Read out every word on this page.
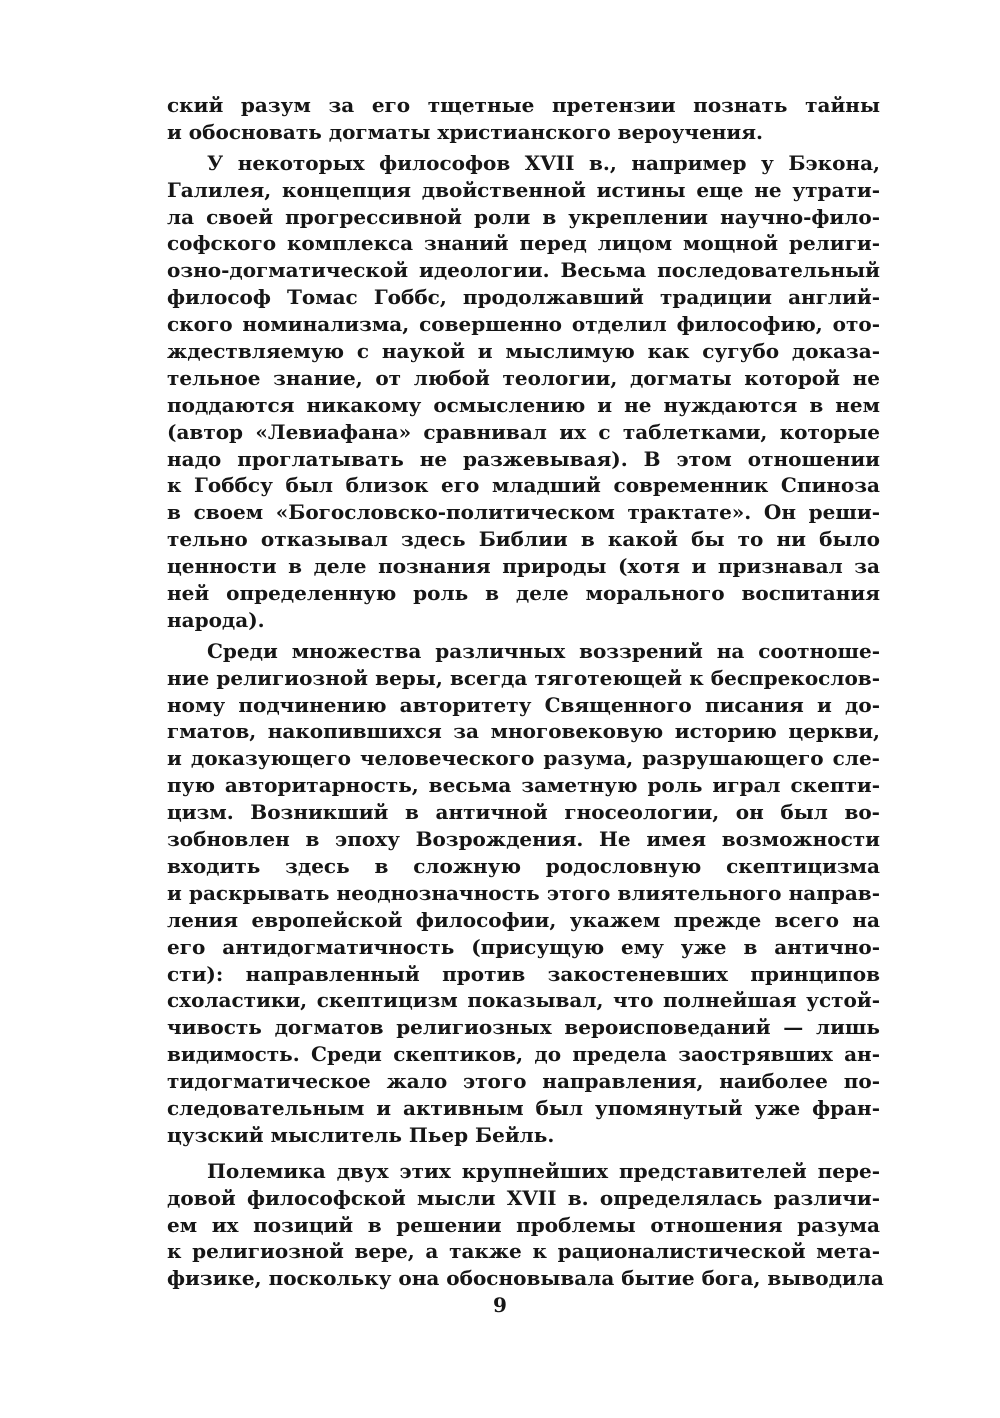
ский разум за его тщетные претензии познать тайны
и обосновать догматы христианского вероучения.
У некоторых философов XVII в., например у Бэкона,
Галилея, концепция двойственной истины еще не утрати-
ла своей прогрессивной роли в укреплении научно-фило-
софского комплекса знаний перед лицом мощной религи-
озно-догматической идеологии. Весьма последовательный
философ Томас Гоббс, продолжавший традиции англий-
ского номинализма, совершенно отделил философию, ото-
ждествляемую с наукой и мыслимую как сугубо доказа-
тельное знание, от любой теологии, догматы которой не
поддаются никакому осмыслению и не нуждаются в нем
(автор «Левиафана» сравнивал их с таблетками, которые
надо проглатывать не разжевывая). В этом отношении
к Гоббсу был близок его младший современник Спиноза
в своем «Богословско-политическом трактате». Он реши-
тельно отказывал здесь Библии в какой бы то ни было
ценности в деле познания природы (хотя и признавал за
ней определенную роль в деле морального воспитания
народа).
Среди множества различных воззрений на соотноше-
ние религиозной веры, всегда тяготеющей к беспрекослов-
ному подчинению авторитету Священного писания и до-
гматов, накопившихся за многовековую историю церкви,
и доказующего человеческого разума, разрушающего сле-
пую авторитарность, весьма заметную роль играл скепти-
цизм. Возникший в античной гносеологии, он был во-
зобновлен в эпоху Возрождения. Не имея возможности
входить здесь в сложную родословную скептицизма
и раскрывать неоднозначность этого влиятельного направ-
ления европейской философии, укажем прежде всего на
его антидогматичность (присущую ему уже в античнo-
сти): направленный против закостеневших принципов
схоластики, скептицизм показывал, что полнейшая устой-
чивость догматов религиозных вероисповеданий — лишь
видимость. Среди скептиков, до предела заострявших ан-
тидогматическое жало этого направления, наиболее по-
следовательным и активным был упомянутый уже фран-
цузский мыслитель Пьер Бейль.
Полемика двух этих крупнейших представителей пере-
довой философской мысли XVII в. определялась различи-
ем их позиций в решении проблемы отношения разума
к религиозной вере, а также к рационалистической мета-
физике, поскольку она обосновывала бытие бога, выводила
9
